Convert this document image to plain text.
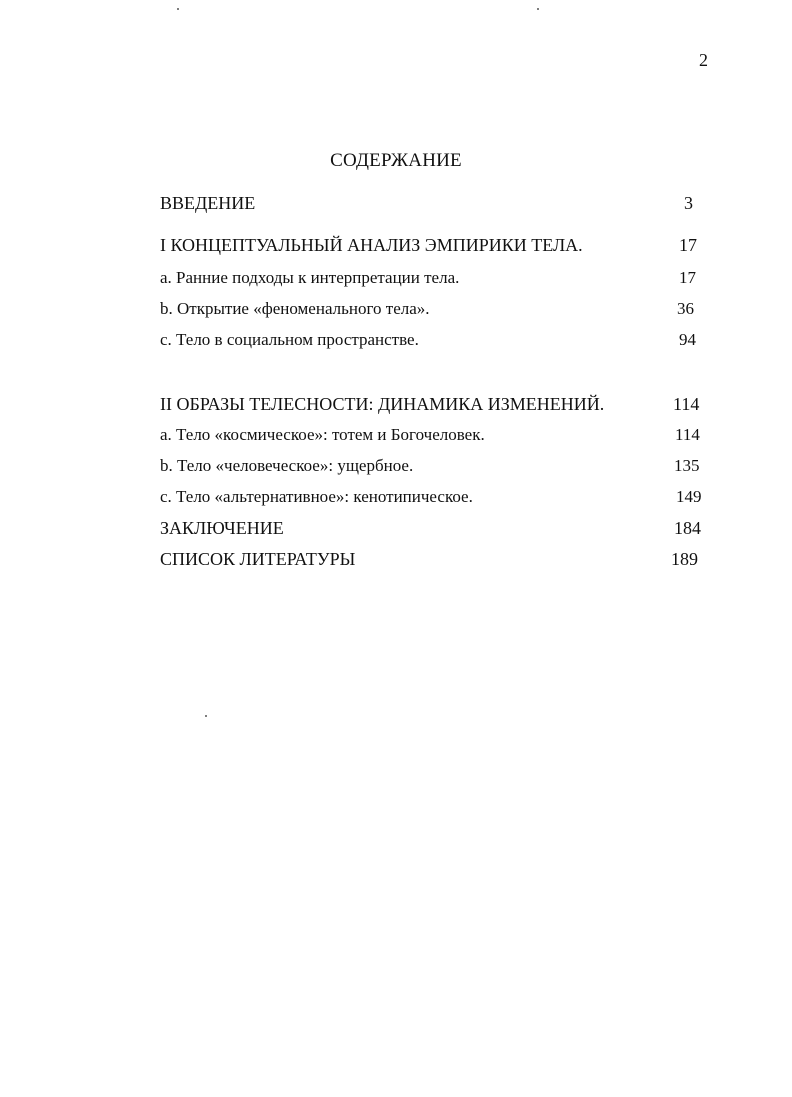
2
СОДЕРЖАНИЕ
ВВЕДЕНИЕ	3
I КОНЦЕПТУАЛЬНЫЙ АНАЛИЗ ЭМПИРИКИ ТЕЛА.	17
a. Ранние подходы к интерпретации тела.	17
b. Открытие «феноменального тела».	36
c. Тело в социальном пространстве.	94
II ОБРАЗЫ ТЕЛЕСНОСТИ: ДИНАМИКА ИЗМЕНЕНИЙ.	114
a. Тело «космическое»: тотем и Богочеловек.	114
b. Тело «человеческое»: ущербное.	135
c. Тело «альтернативное»: кенотипическое.	149
ЗАКЛЮЧЕНИЕ	184
СПИСОК ЛИТЕРАТУРЫ	189
